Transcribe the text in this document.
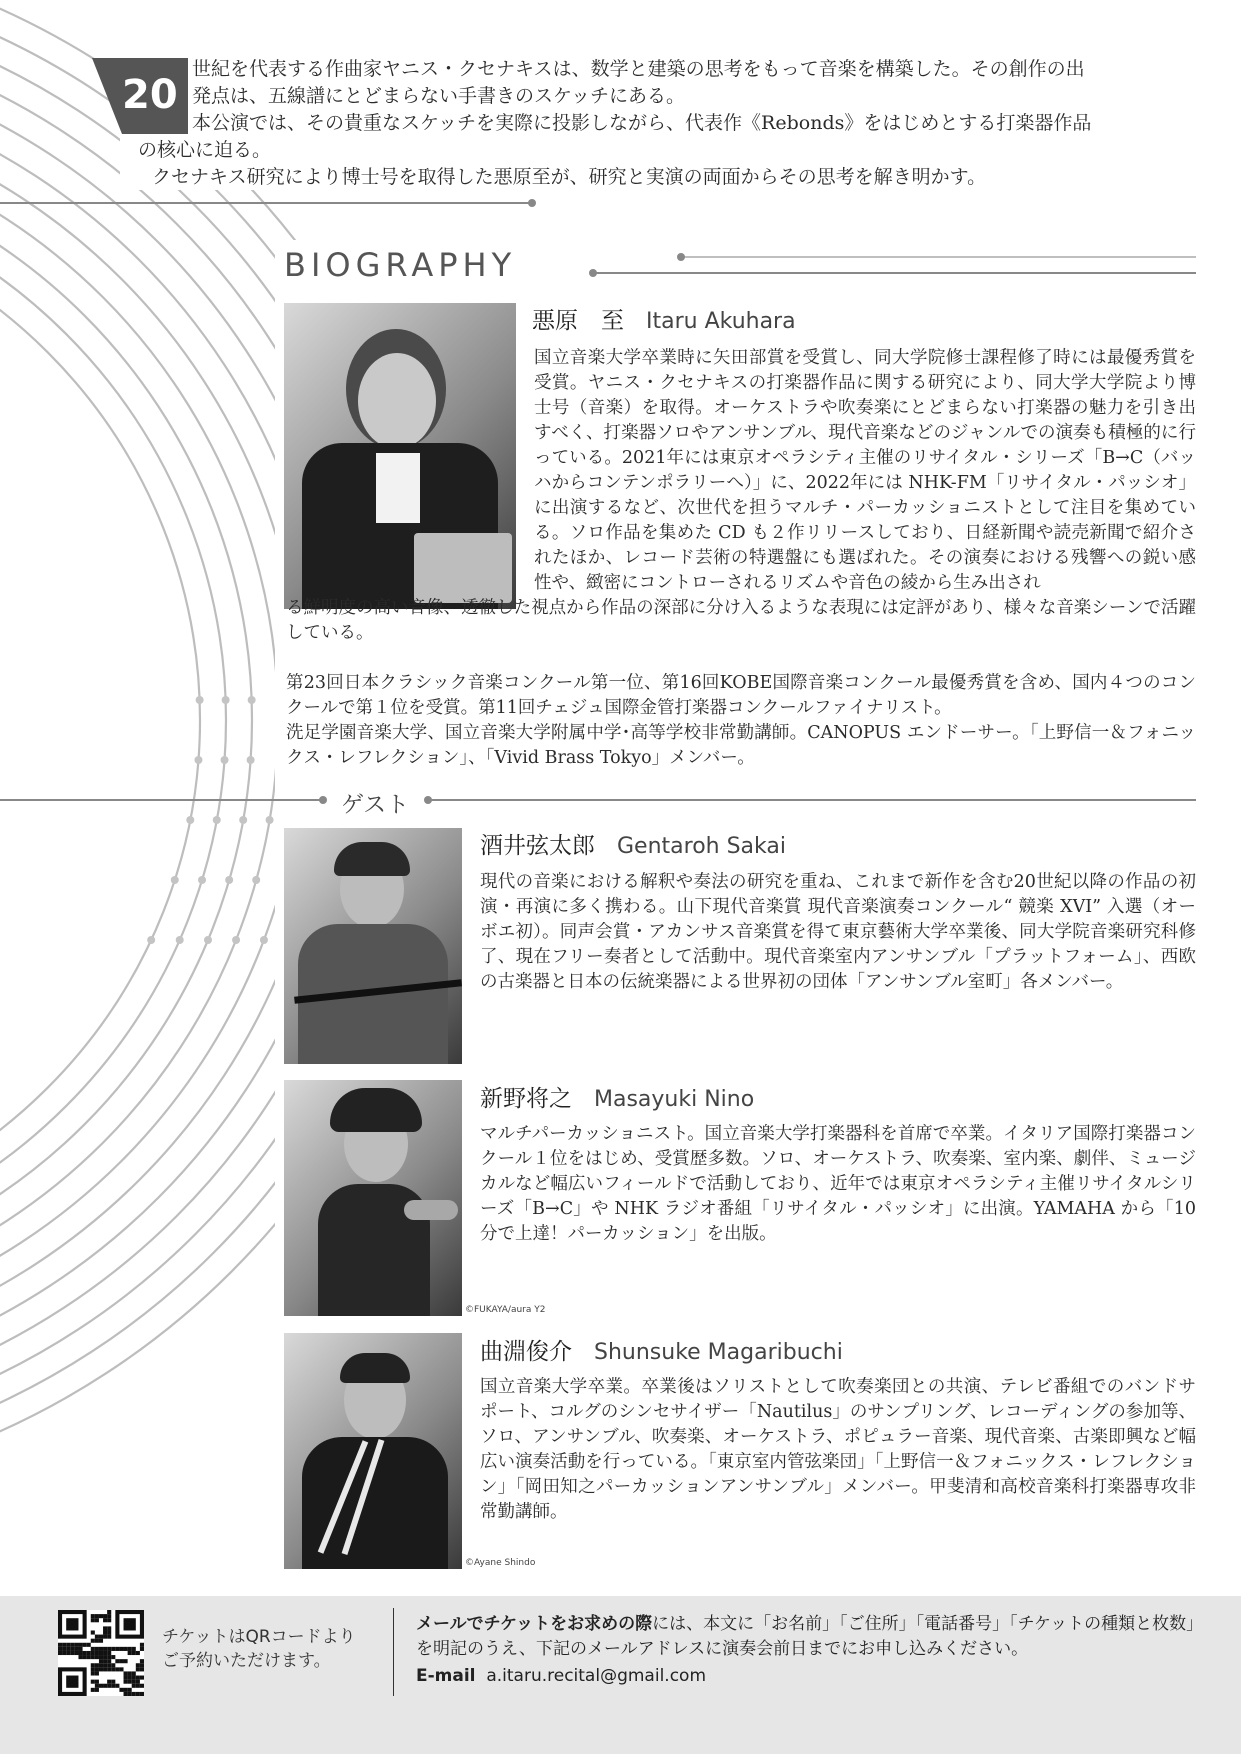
20

世紀を代表する作曲家ヤニス・クセナキスは、数学と建築の思考をもって音楽を構築した。その創作の出

発点は、五線譜にとどまらない手書きのスケッチにある。

本公演では、その貴重なスケッチを実際に投影しながら、代表作《Rebonds》をはじめとする打楽器作品

の核心に迫る。

クセナキス研究により博士号を取得した悪原至が、研究と実演の両面からその思考を解き明かす。

BIOGRAPHY
悪原　至 Itaru Akuhara

国立音楽大学卒業時に矢田部賞を受賞し、同大学院修士課程修了時には最優秀賞を受賞。ヤニス・クセナキスの打楽器作品に関する研究により、同大学大学院より博士号（音楽）を取得。オーケストラや吹奏楽にとどまらない打楽器の魅力を引き出すべく、打楽器ソロやアンサンブル、現代音楽などのジャンルでの演奏も積極的に行っている。2021年には東京オペラシティ主催のリサイタル・シリーズ「B→C（バッハからコンテンポラリーへ）」に、2022年には NHK-FM「リサイタル・パッシオ」に出演するなど、次世代を担うマルチ・パーカッショニストとして注目を集めている。ソロ作品を集めた CD も２作リリースしており、日経新聞や読売新聞で紹介されたほか、レコード芸術の特選盤にも選ばれた。その演奏における残響への鋭い感性や、緻密にコントローされるリズムや音色の綾から生み出され

る鮮明度の高い音像、透徹した視点から作品の深部に分け入るような表現には定評があり、様々な音楽シーンで活躍している。

第23回日本クラシック音楽コンクール第一位、第16回KOBE国際音楽コンクール最優秀賞を含め、国内４つのコンクールで第１位を受賞。第11回チェジュ国際金管打楽器コンクールファイナリスト。

洗足学園音楽大学、国立音楽大学附属中学･高等学校非常勤講師。CANOPUS エンドーサー。「上野信一＆フォニックス・レフレクション」、「Vivid Brass Tokyo」メンバー。

ゲスト
酒井弦太郎 Gentaroh Sakai

現代の音楽における解釈や奏法の研究を重ね、これまで新作を含む20世紀以降の作品の初演・再演に多く携わる。山下現代音楽賞 現代音楽演奏コンクール“ 競楽 XVI” 入選（オーボエ初）。同声会賞・アカンサス音楽賞を得て東京藝術大学卒業後、同大学院音楽研究科修了、現在フリー奏者として活動中。現代音楽室内アンサンブル「プラットフォーム」、西欧の古楽器と日本の伝統楽器による世界初の団体「アンサンブル室町」各メンバー。

©FUKAYA/aura Y2
新野将之 Masayuki Nino

マルチパーカッショニスト。国立音楽大学打楽器科を首席で卒業。イタリア国際打楽器コンクール１位をはじめ、受賞歴多数。ソロ、オーケストラ、吹奏楽、室内楽、劇伴、ミュージカルなど幅広いフィールドで活動しており、近年では東京オペラシティ主催リサイタルシリーズ「B→C」や NHK ラジオ番組「リサイタル・パッシオ」に出演。YAMAHA から「10 分で上達！パーカッション」を出版。

©Ayane Shindo
曲淵俊介 Shunsuke Magaribuchi

国立音楽大学卒業。卒業後はソリストとして吹奏楽団との共演、テレビ番組でのバンドサポート、コルグのシンセサイザー「Nautilus」のサンプリング、レコーディングの参加等、ソロ、アンサンブル、吹奏楽、オーケストラ、ポピュラー音楽、現代音楽、古楽即興など幅広い演奏活動を行っている。「東京室内管弦楽団」「上野信一＆フォニックス・レフレクション」「岡田知之パーカッションアンサンブル」メンバー。甲斐清和高校音楽科打楽器専攻非常勤講師。

チケットはQRコードより
ご予約いただけます。
メールでチケットをお求めの際には、本文に「お名前」「ご住所」「電話番号」「チケットの種類と枚数」を明記のうえ、下記のメールアドレスに演奏会前日までにお申し込みください。
E-mail a.itaru.recital@gmail.com
